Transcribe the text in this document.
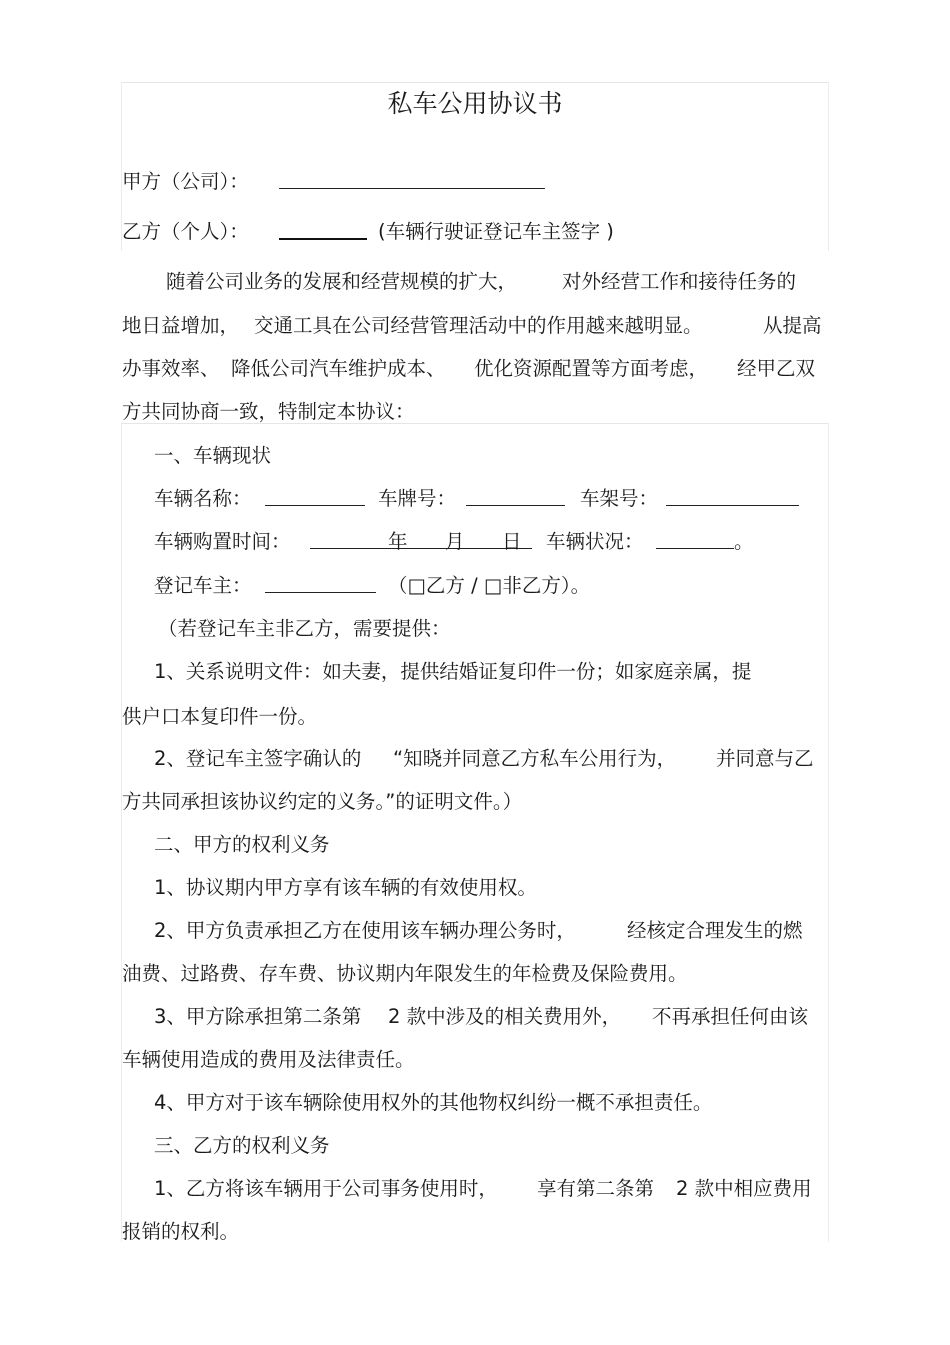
私车公用协议书
甲方（公司）：
乙方（个人）：	(车辆行驶证登记车主签字 )
随着公司业务的发展和经营规模的扩大， 对外经营工作和接待任务的
地日益增加， 交通工具在公司经营管理活动中的作用越来越明显。	从提高
办事效率、 降低公司汽车维护成本、 优化资源配置等方面考虑， 经甲乙双
方共同协商一致，特制定本协议：
一、车辆现状
车辆名称：	车牌号：	车架号：
车辆购置时间：	年 月 日 车辆状况：	。
登记车主：	（□乙方 / □非乙方）。
（若登记车主非乙方，需要提供：
1、关系说明文件：如夫妻，提供结婚证复印件一份；如家庭亲属，提
供户口本复印件一份。
2、登记车主签字确认的 “知晓并同意乙方私车公用行为， 并同意与乙
方共同承担该协议约定的义务。”的证明文件。）
二、甲方的权利义务
1、协议期内甲方享有该车辆的有效使用权。
2、甲方负责承担乙方在使用该车辆办理公务时，	经核定合理发生的燃
油费、过路费、存车费、协议期内年限发生的年检费及保险费用。
3、甲方除承担第二条第 2 款中涉及的相关费用外， 不再承担任何由该
车辆使用造成的费用及法律责任。
4、甲方对于该车辆除使用权外的其他物权纠纷一概不承担责任。
三、乙方的权利义务
1、乙方将该车辆用于公司事务使用时， 享有第二条第 2 款中相应费用
报销的权利。
